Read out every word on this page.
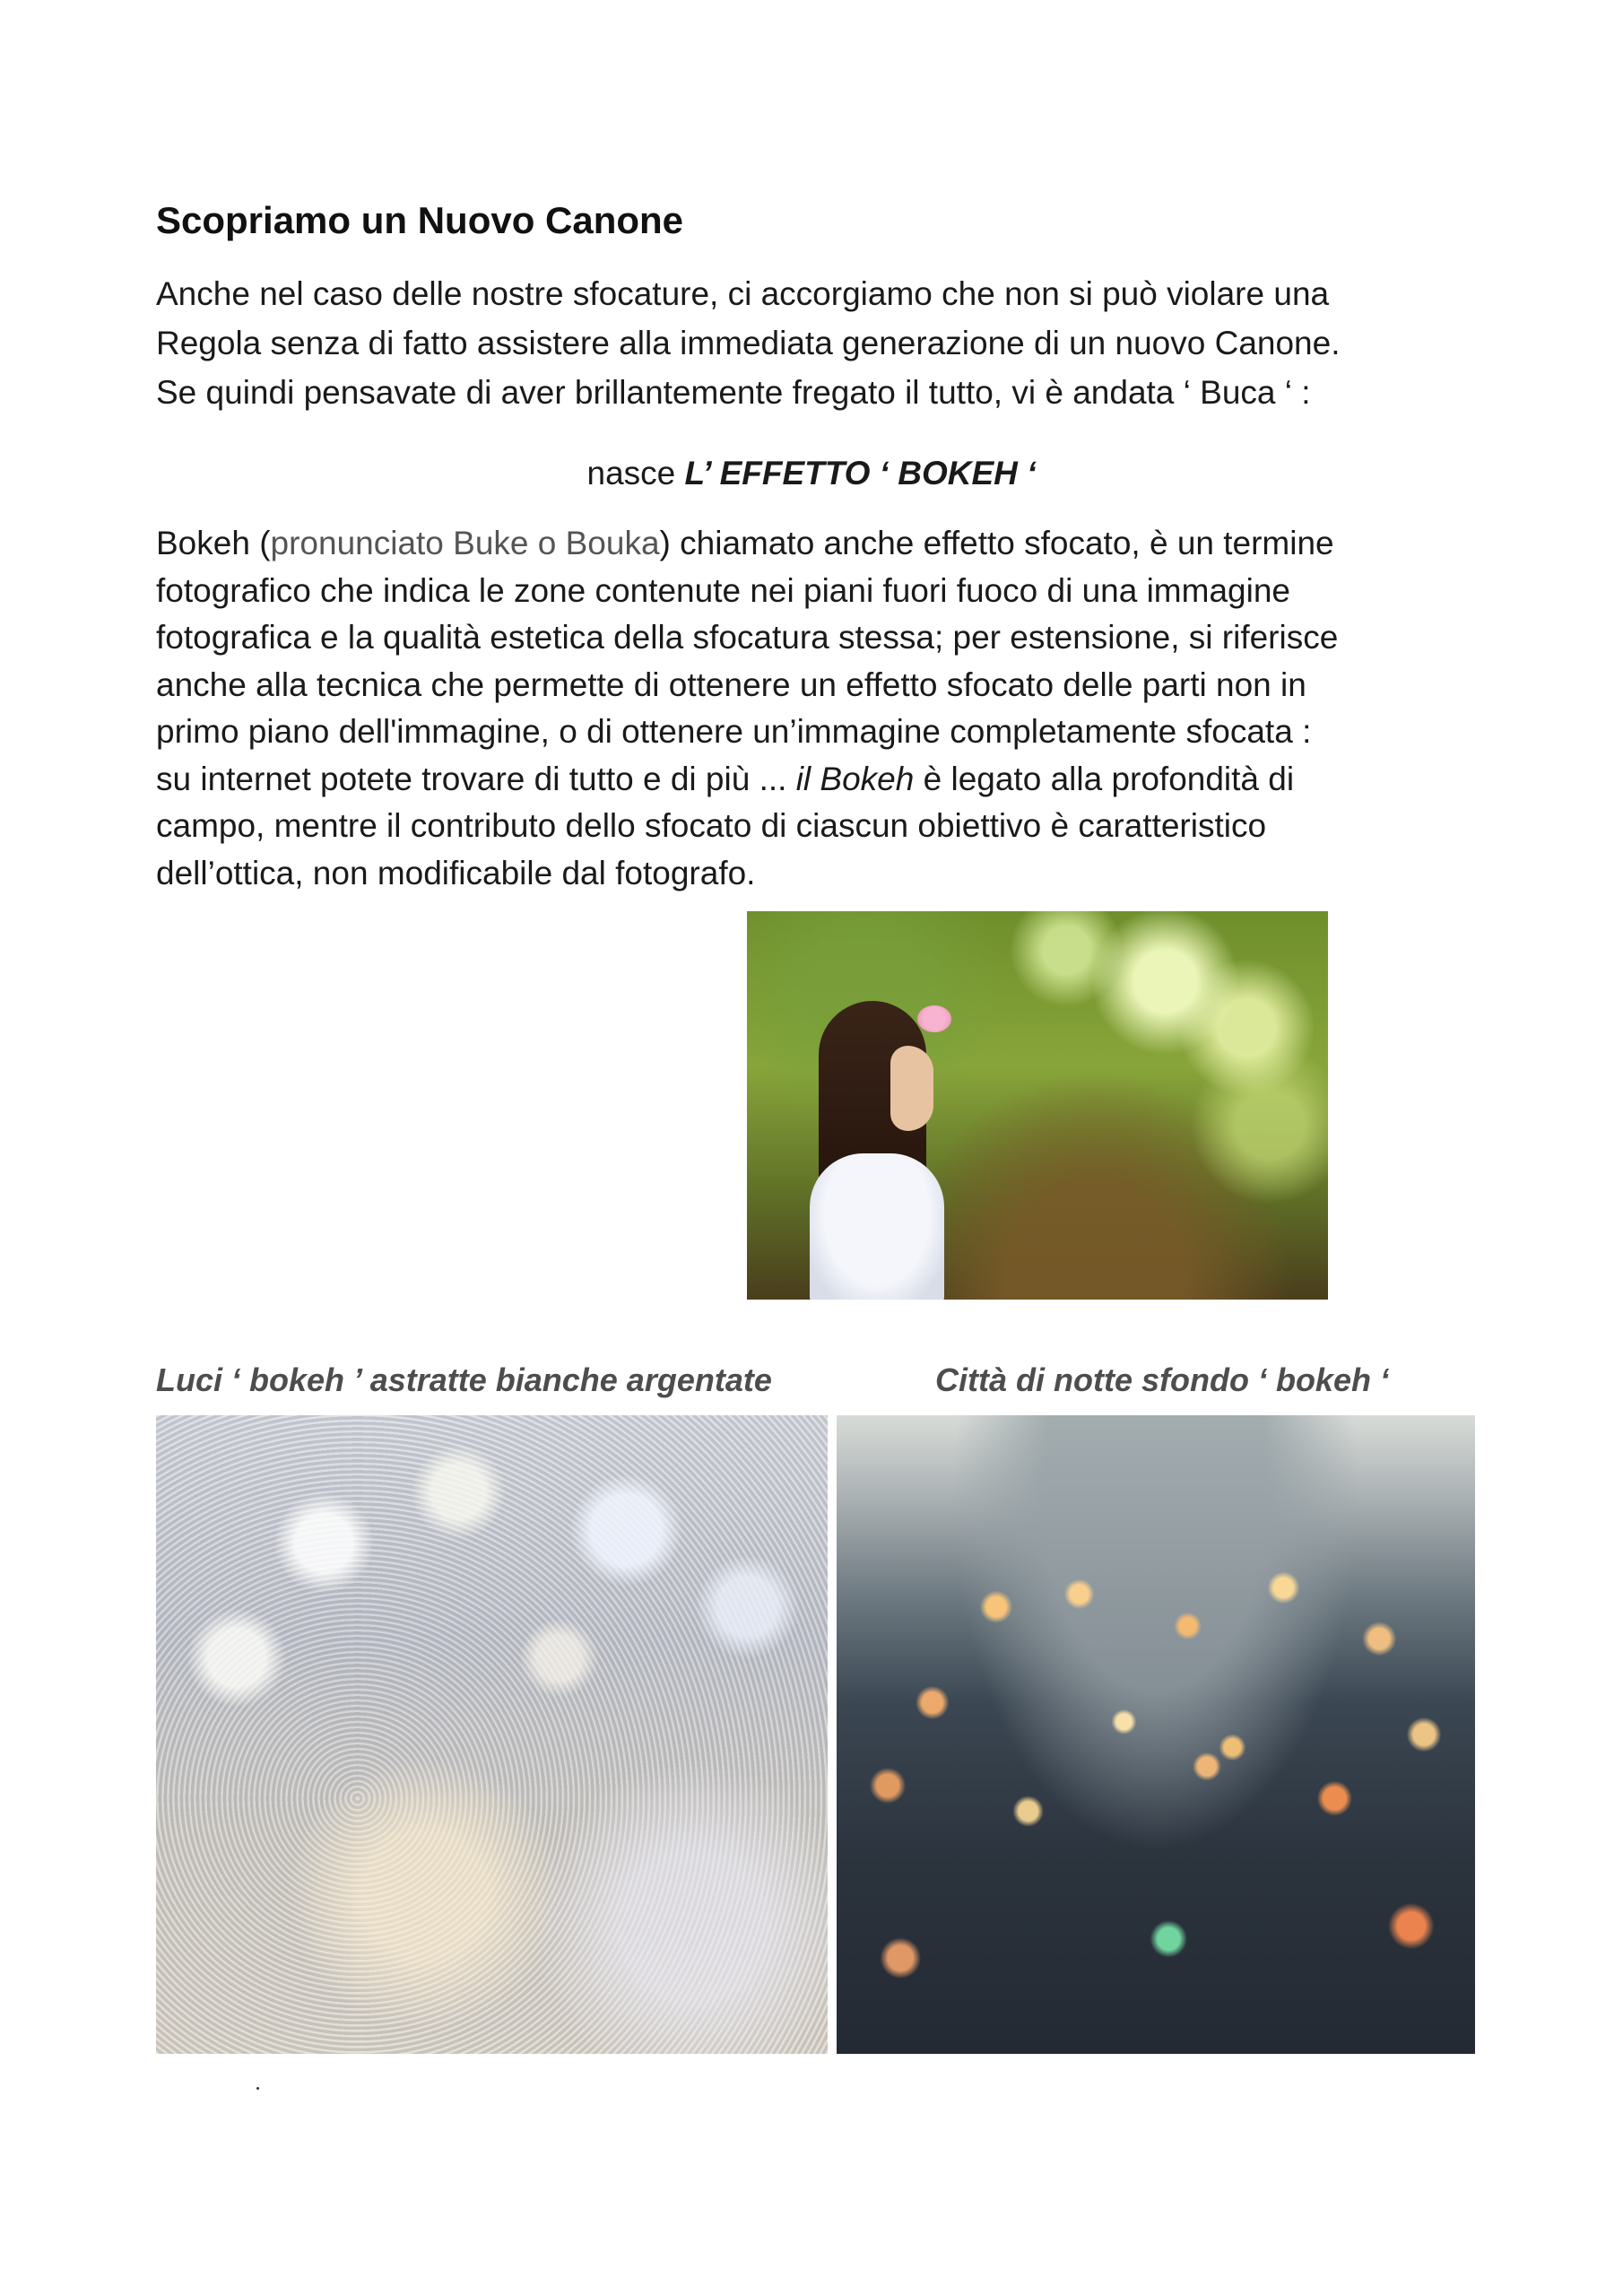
Scopriamo un Nuovo Canone

Anche nel caso delle nostre sfocature, ci accorgiamo che non si può violare una
Regola senza di fatto assistere alla immediata generazione di un nuovo Canone.
Se quindi pensavate di aver brillantemente fregato il tutto, vi è andata ‘ Buca ‘ :

nasce L’ EFFETTO ‘ BOKEH ‘

Bokeh (pronunciato Buke o Bouka) chiamato anche effetto sfocato, è un termine
fotografico che indica le zone contenute nei piani fuori fuoco di una immagine
fotografica e la qualità estetica della sfocatura stessa; per estensione, si riferisce
anche alla tecnica che permette di ottenere un effetto sfocato delle parti non in
primo piano dell'immagine, o di ottenere un’immagine completamente sfocata :
su internet potete trovare di tutto e di più ... il Bokeh è legato alla profondità di
campo, mentre il contributo dello sfocato di ciascun obiettivo è caratteristico
dell’ottica, non modificabile dal fotografo.

Luci ‘ bokeh ’ astratte bianche argentate	Città di notte sfondo ‘ bokeh ‘
